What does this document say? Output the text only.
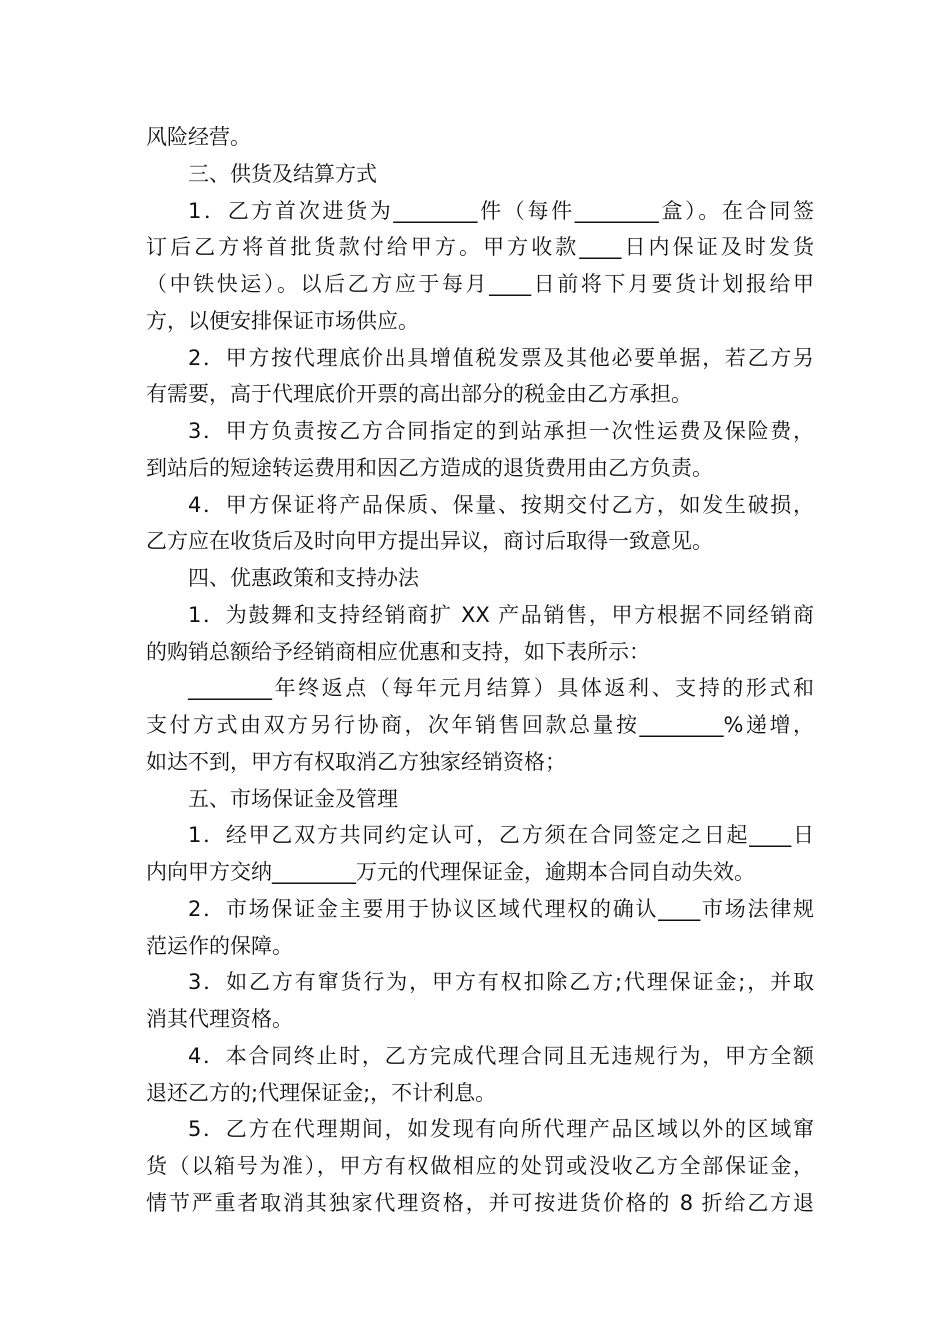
风险经营。
三、供货及结算方式
1．乙方首次进货为________件（每件________盒）。在合同签
订后乙方将首批货款付给甲方。甲方收款____日内保证及时发货
（中铁快运）。以后乙方应于每月____日前将下月要货计划报给甲
方，以便安排保证市场供应。
2．甲方按代理底价出具增值税发票及其他必要单据，若乙方另
有需要，高于代理底价开票的高出部分的税金由乙方承担。
3．甲方负责按乙方合同指定的到站承担一次性运费及保险费，
到站后的短途转运费用和因乙方造成的退货费用由乙方负责。
4．甲方保证将产品保质、保量、按期交付乙方，如发生破损，
乙方应在收货后及时向甲方提出异议，商讨后取得一致意见。
四、优惠政策和支持办法
1．为鼓舞和支持经销商扩 XX 产品销售，甲方根据不同经销商
的购销总额给予经销商相应优惠和支持，如下表所示：
________年终返点（每年元月结算）具体返利、支持的形式和
支付方式由双方另行协商，次年销售回款总量按________%递增，
如达不到，甲方有权取消乙方独家经销资格；
五、市场保证金及管理
1．经甲乙双方共同约定认可，乙方须在合同签定之日起____日
内向甲方交纳________万元的代理保证金，逾期本合同自动失效。
2．市场保证金主要用于协议区域代理权的确认____市场法律规
范运作的保障。
3．如乙方有窜货行为，甲方有权扣除乙方;代理保证金;，并取
消其代理资格。
4．本合同终止时，乙方完成代理合同且无违规行为，甲方全额
退还乙方的;代理保证金;，不计利息。
5．乙方在代理期间，如发现有向所代理产品区域以外的区域窜
货（以箱号为准），甲方有权做相应的处罚或没收乙方全部保证金，
情节严重者取消其独家代理资格，并可按进货价格的 8 折给乙方退
